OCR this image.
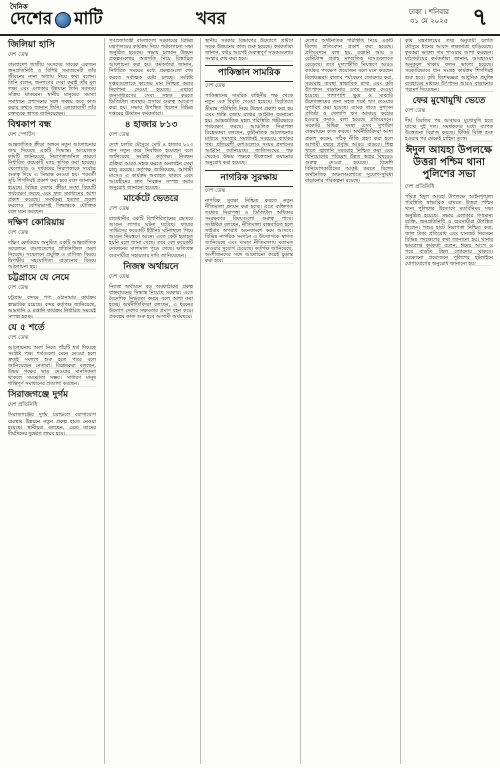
দৈনিক
দেশের মাটি	খবর	ঢাকা । শনিবার
৩১ মে ২০২৫ ৭
জিলিয়া হাসি
দেশ ডেস্ক

বাংলাদেশ জাতীয় সংসদের সাবেক একজন জনপ্রতিনিধি ও বিশিষ্ট সমাজসেবী তাঁর জীবনের নানা অধ্যায় নিয়ে কথা বলেন। তিনি বলেন, জনগণের সেবা করাই তাঁর মূল লক্ষ্য এবং এলাকার উন্নয়নে তিনি সবসময় সক্রিয় থাকবেন। স্থানীয় মানুষের সমস্যা সমাধানে প্রশাসনের সঙ্গে সমন্বয় করে কাজ করার কথাও জানান তিনি। এলাকাবাসী তাঁর বক্তব্যকে স্বাগত জানিয়েছেন।

বিশ্বকাপ বন্ধ
দেশ স্পোর্টস

আন্তর্জাতিক ক্রীড়া অঙ্গনে নতুন আলোচনার জন্ম দিয়েছে একটি সিদ্ধান্ত। আয়োজক কমিটি জানিয়েছে, নিরাপত্তাজনিত কারণে নির্ধারিত কয়েকটি ম্যাচ স্থগিত করা হয়েছে। খেলোয়াড় ও দর্শকদের নিরাপত্তাকে সর্বোচ্চ গুরুত্ব দিয়ে এ সিদ্ধান্ত নেওয়া হয়। পরবর্তী সূচি শিগগিরই প্রকাশ করা হবে বলে জানানো হয়েছে। বিভিন্ন দেশের ক্রীড়া সংস্থা বিষয়টি পর্যবেক্ষণ করছে এবং দ্রুত সমাধানের আশা প্রকাশ করেছে। সমর্থকরা হতাশা প্রকাশ করলেও বেশিরভাগই সিদ্ধান্তকে যৌক্তিক বলে মনে করছেন।

দক্ষিণ কোরিয়ায়
দেশ ডেস্ক

দক্ষিণ কোরিয়ায় অনুষ্ঠিত একটি আন্তর্জাতিক সম্মেলনে বাংলাদেশের প্রতিনিধিদল অংশ নিয়েছে। সম্মেলনে প্রযুক্তি ও বাণিজ্য বিষয়ে দ্বিপক্ষীয় সহযোগিতা বাড়ানোর বিষয়ে আলোচনা হয়।

চট্টগ্রামে যে নেমে
দেশ ডেস্ক

চট্টগ্রাম বন্দরে পণ্য ওঠানামার কার্যক্রম স্বাভাবিক রয়েছে। বন্দর কর্তৃপক্ষ জানিয়েছে, আমদানি ও রপ্তানি কার্যক্রম নির্ধারিত সময়েই সম্পন্ন হচ্ছে।

যে ৫ শর্তে
দেশ ডেস্ক

আলোচনায় অংশ নিতে পাঁচটি শর্ত দিয়েছে সংশ্লিষ্ট পক্ষ। শর্তগুলো মেনে নেওয়া হলে দ্রুতই সংলাপ শুরু হতে পারে বলে জানিয়েছেন নেতারা। বিশ্লেষকরা বলছেন, উভয় পক্ষের ছাড় দেওয়ার মানসিকতা থাকলে সমঝোতা সম্ভব। সাধারণ মানুষ শান্তিপূর্ণ সমাধানের প্রত্যাশা করছেন।

সিরাজগঞ্জে দুর্গম
দেশ প্রতিনিধি

সিরাজগঞ্জের দুর্গম চরাঞ্চলে যোগাযোগ ব্যবস্থার উন্নয়নে নতুন প্রকল্প হাতে নেওয়া হয়েছে। স্থানীয়রা বলছেন, এতে তাদের দীর্ঘদিনের দুর্ভোগ লাঘব হবে।

গণপ্রজাতন্ত্রী বাংলাদেশ সরকারের বিভিন্ন মন্ত্রণালয়ের কার্যক্রম নিয়ে পর্যালোচনা সভা অনুষ্ঠিত হয়েছে। সভায় চলমান উন্নয়ন প্রকল্পগুলোর অগ্রগতি নিয়ে বিস্তারিত আলোচনা করা হয়। কর্মকর্তারা জানান, নির্ধারিত সময়ের মধ্যে প্রকল্পগুলো শেষ করতে সর্বাত্মক চেষ্টা চলছে। সংশ্লিষ্ট দপ্তরগুলোকে কাজের মান নিশ্চিত করার নির্দেশনা দেওয়া হয়েছে। এছাড়া জনসাধারণের সেবা সহজ করতে ডিজিটাল ব্যবস্থার প্রসারে গুরুত্ব আরোপ করা হয়। সভায় উপস্থিত ছিলেন বিভিন্ন দপ্তরের ঊর্ধ্বতন কর্মকর্তারা।

৪ হাজার ৮১৩
দেশ ডেস্ক

দেশে চলতি মৌসুমে মোট ৪ হাজার ৮১৩ জন নতুন করে নিবন্ধিত হয়েছেন বলে জানিয়েছে সংশ্লিষ্ট কর্তৃপক্ষ। নিবন্ধন প্রক্রিয়া আরও সহজ করতে অনলাইন সেবা চালু রয়েছে। কর্তৃপক্ষ জানিয়েছে, আগামী মাসেও এ কার্যক্রম অব্যাহত থাকবে এবং আগ্রহীদের দ্রুত নিবন্ধন সম্পন্ন করার অনুরোধ জানানো হয়েছে।

মার্কেটে ভেতরে
দেশ ডেস্ক

রাজধানীর একটি বিপণিবিতানের ভেতরে আগুন লাগার ঘটনা ঘটেছে। ফায়ার সার্ভিসের কয়েকটি ইউনিট ঘটনাস্থলে গিয়ে আগুন নিয়ন্ত্রণে আনে। এতে কেউ হতাহত হয়নি বলে জানা গেছে। তবে বেশ কয়েকটি দোকানের মালামাল পুড়ে গেছে। ক্ষতিগ্রস্ত ব্যবসায়ীরা সহায়তার দাবি জানিয়েছেন।

নিজস্ব অর্থায়নে
দেশ ডেস্ক

নিজস্ব অর্থায়নে বড় অবকাঠামো প্রকল্প বাস্তবায়নের সিদ্ধান্ত নিয়েছে সরকার। এতে বৈদেশিক নির্ভরতা কমবে বলে আশা করা হচ্ছে। অর্থনীতিবিদরা বলছেন, এ ধরনের উদ্যোগ দেশের সক্ষমতার প্রমাণ বহন করে। প্রকল্পের কাজ শুরু হবে আগামী অর্থবছরে।

স্থানীয় সরকার বিভাগের উদ্যোগে গ্রামীণ সড়ক উন্নয়নের কাজ শুরু হয়েছে। কর্মকর্তারা জানান, বর্ষার আগেই গুরুত্বপূর্ণ সড়কগুলোর সংস্কার শেষ করা হবে।

পাকিস্তান সামরিক
দেশ ডেস্ক

পাকিস্তানের সামরিক বাহিনীর পক্ষ থেকে নতুন এক বিবৃতি দেওয়া হয়েছে। বিবৃতিতে সীমান্ত পরিস্থিতি নিয়ে উদ্বেগ প্রকাশ করা হয় এবং শান্তি বজায় রাখার আহ্বান জানানো হয়। আন্তর্জাতিক মহল পরিস্থিতি গভীরভাবে পর্যবেক্ষণ করছে। আঞ্চলিক নিরাপত্তা বিশ্লেষকরা বলছেন, কূটনৈতিক আলোচনার মাধ্যমে সমস্যার সমাধানই সবচেয়ে কার্যকর পথ। প্রতিবেশী দেশগুলোও সংযম প্রদর্শনের আহ্বান জানিয়েছে। জাতিসংঘের পক্ষ থেকেও উভয় পক্ষকে উত্তেজনা কমানোর অনুরোধ করা হয়েছে।

নাগরিক সুরক্ষায়
দেশ ডেস্ক

নাগরিক সুরক্ষা নিশ্চিত করতে নতুন নীতিমালা প্রণয়ন করা হচ্ছে। এতে ব্যক্তিগত তথ্যের নিরাপত্তা ও ডিজিটাল অধিকার সংরক্ষণের বিষয়গুলো গুরুত্ব পাবে। সংশ্লিষ্টরা বলছেন, নীতিমালা বাস্তবায়িত হলে সাইবার অপরাধ অনেকাংশে কমে আসবে। বিভিন্ন নাগরিক সংগঠন এ উদ্যোগকে স্বাগত জানিয়েছে এবং খসড়া নীতিমালায় মতামত দেওয়ার সুযোগ চেয়েছে। কর্তৃপক্ষ জানিয়েছে, অংশীজনদের সঙ্গে আলোচনা করেই চূড়ান্ত করা হবে।

দেশের অর্থনৈতিক পরিস্থিতি নিয়ে একটি বিশেষ প্রতিবেদন প্রকাশ করা হয়েছে। প্রতিবেদনে বলা হয়, রপ্তানি আয় ও রেমিট্যান্স প্রবাহ সাম্প্রতিক মাসগুলোতে বেড়েছে। তবে মূল্যস্ফীতি নিয়ন্ত্রণে আরও কার্যকর পদক্ষেপ প্রয়োজন বলে মনে করছেন বিশেষজ্ঞরা। বাজার পর্যবেক্ষণ জোরদার করা, সরবরাহ ব্যবস্থা স্বাভাবিক রাখা এবং কৃষি উৎপাদন বাড়ানোর ওপর গুরুত্ব দেওয়া হয়েছে। পাশাপাশি ক্ষুদ্র ও মাঝারি উদ্যোক্তাদের জন্য সহজ শর্তে ঋণ দেওয়ার সুপারিশ করা হয়েছে। ব্যাংক খাতে সুশাসন প্রতিষ্ঠা ও খেলাপি ঋণ আদায়ে কঠোর হওয়ার কথাও বলা হয়েছে প্রতিবেদনে। সরকারি বিভিন্ন সংস্থা এসব সুপারিশ বাস্তবায়নে কাজ করছে। অর্থনীতিবিদরা আশা প্রকাশ করেন, সঠিক নীতি গ্রহণ করা হলে আগামী বছরে প্রবৃদ্ধি আরও বাড়বে। শিল্প খাতে জ্বালানি সরবরাহ নিশ্চিত করা এবং বিনিয়োগের পরিবেশ উন্নত করার বিষয়েও গুরুত্ব দেওয়া হয়েছে। বিদেশি বিনিয়োগকারীদের আকৃষ্ট করতে বিশেষ অর্থনৈতিক অঞ্চলগুলোতে সুযোগ-সুবিধা বাড়ানোর পরিকল্পনা রয়েছে।

কৃষি মন্ত্রণালয়ের তথ্য অনুযায়ী চলতি মৌসুমে ধানের আবাদ লক্ষ্যমাত্রা ছাড়িয়েছে। কৃষকরা ভালো দাম পাওয়ার আশা করছেন। মাঠপর্যায়ের কর্মকর্তারা জানান, আবহাওয়া অনুকূলে থাকায় ফলন ভালো হয়েছে। সরকারিভাবে ধান সংগ্রহ কার্যক্রম শিগগিরই শুরু হবে। কৃষি বিশেষজ্ঞরা আধুনিক প্রযুক্তি ব্যবহারের মাধ্যমে উৎপাদন আরও বাড়ানোর পরামর্শ দিয়েছেন।

ফের মুখোমুখি ভেতে
দেশ ডেস্ক

দীর্ঘ বিরতির পর আবারও মুখোমুখি হতে যাচ্ছে দুই দল। সমর্থকদের মধ্যে ব্যাপক উত্তেজনা বিরাজ করছে। টিকিট বিক্রি শুরু হওয়ার পর থেকেই চাহিদা তুঙ্গে।

ঈদুল আযহা উপলক্ষে উত্তরা পশ্চিম থানা পুলিশের সভা
দেশ প্রতিনিধি

পবিত্র ঈদুল আযহা উপলক্ষে আইনশৃঙ্খলা পরিস্থিতি স্বাভাবিক রাখতে উত্তরা পশ্চিম থানা পুলিশের উদ্যোগে মতবিনিময় সভা অনুষ্ঠিত হয়েছে। সভায় এলাকার গণ্যমান্য ব্যক্তি, জনপ্রতিনিধি ও ব্যবসায়ীরা উপস্থিত ছিলেন। পশুর হাটে নিরাপত্তা নিশ্চিত করা, জাল টাকা প্রতিরোধ এবং যানজট নিরসনে বিভিন্ন পদক্ষেপের কথা জানানো হয়। থানার ভারপ্রাপ্ত কর্মকর্তা বলেন, ঈদের আগে ও পরে বাড়তি টহল জোরদার থাকবে। যেকোনো প্রয়োজনে পুলিশের হটলাইনে যোগাযোগের অনুরোধ জানানো হয়।
